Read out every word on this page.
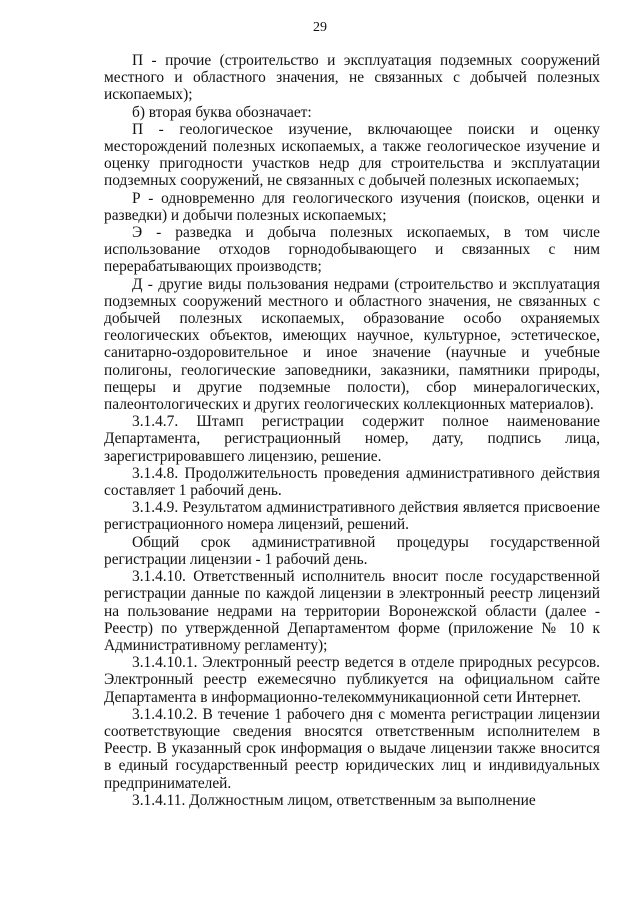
29

П - прочие (строительство и эксплуатация подземных сооружений местного и областного значения, не связанных с добычей полезных ископаемых);

б) вторая буква обозначает:

П - геологическое изучение, включающее поиски и оценку месторождений полезных ископаемых, а также геологическое изучение и оценку пригодности участков недр для строительства и эксплуатации подземных сооружений, не связанных с добычей полезных ископаемых;

Р - одновременно для геологического изучения (поисков, оценки и разведки) и добычи полезных ископаемых;

Э - разведка и добыча полезных ископаемых, в том числе использование отходов горнодобывающего и связанных с ним перерабатывающих производств;

Д - другие виды пользования недрами (строительство и эксплуатация подземных сооружений местного и областного значения, не связанных с добычей полезных ископаемых, образование особо охраняемых геологических объектов, имеющих научное, культурное, эстетическое, санитарно-оздоровительное и иное значение (научные и учебные полигоны, геологические заповедники, заказники, памятники природы, пещеры и другие подземные полости), сбор минералогических, палеонтологических и других геологических коллекционных материалов).

3.1.4.7. Штамп регистрации содержит полное наименование Департамента, регистрационный номер, дату, подпись лица, зарегистрировавшего лицензию, решение.

3.1.4.8. Продолжительность проведения административного действия составляет 1 рабочий день.

3.1.4.9. Результатом административного действия является присвоение регистрационного номера лицензий, решений.

Общий срок административной процедуры государственной регистрации лицензии - 1 рабочий день.

3.1.4.10. Ответственный исполнитель вносит после государственной регистрации данные по каждой лицензии в электронный реестр лицензий на пользование недрами на территории Воронежской области (далее - Реестр) по утвержденной Департаментом форме (приложение № 10 к Административному регламенту);

3.1.4.10.1. Электронный реестр ведется в отделе природных ресурсов. Электронный реестр ежемесячно публикуется на официальном сайте Департамента в информационно-телекоммуникационной сети Интернет.

3.1.4.10.2. В течение 1 рабочего дня с момента регистрации лицензии соответствующие сведения вносятся ответственным исполнителем в Реестр. В указанный срок информация о выдаче лицензии также вносится в единый государственный реестр юридических лиц и индивидуальных предпринимателей.

3.1.4.11. Должностным лицом, ответственным за выполнение
